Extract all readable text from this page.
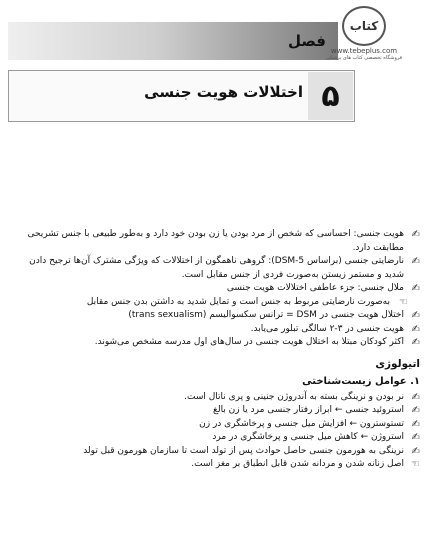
فصل
کتاب
www.tebeplus.com
فروشگاه تخصصی کتاب های پزشکی
۵
اختلالات هویت جنسی
✍
هویت جنسی: احساسی که شخص از مرد بودن یا زن بودن خود دارد و به‌طور طبیعی با جنس تشریحی مطابقت دارد.
✍
نارضایتی جنسی (براساس DSM-5): گروهی ناهمگون از اختلالات که ویژگی مشترک آن‌ها ترجیح دادن شدید و مستمر زیستن به‌صورت فردی از جنس مقابل است.
✍
ملال جنسی: جزء عاطفی اختلالات هویت جنسی
☜
به‌صورت نارضایتی مربوط به جنس است و تمایل شدید به داشتن بدن جنس مقابل
✍
اختلال هویت جنسی در DSM = ترانس سکسوالیسم (trans sexualism)
✍
هویت جنسی در ۳-۲ سالگی تبلور می‌یابد.
✍
اکثر کودکان مبتلا به اختلال هویت جنسی در سال‌های اول مدرسه مشخص می‌شوند.
اتیولوژی
۱. عوامل زیست‌شناختی
✍
نر بودن و نرینگی بسته به آندروژن جنینی و پری ناتال است.
✍
استروئید جنسی ← ابراز رفتار جنسی مرد یا زن بالغ
✍
تستوسترون ← افزایش میل جنسی و پرخاشگری در زن
✍
استروژن ← کاهش میل جنسی و پرخاشگری در مرد
✍
نرینگی به هورمون جنسی حاصل حوادث پس از تولد است تا سازمان هورمون قبل تولد
☜
اصل زنانه شدن و مردانه شدن قابل انطباق بر مغز است.
